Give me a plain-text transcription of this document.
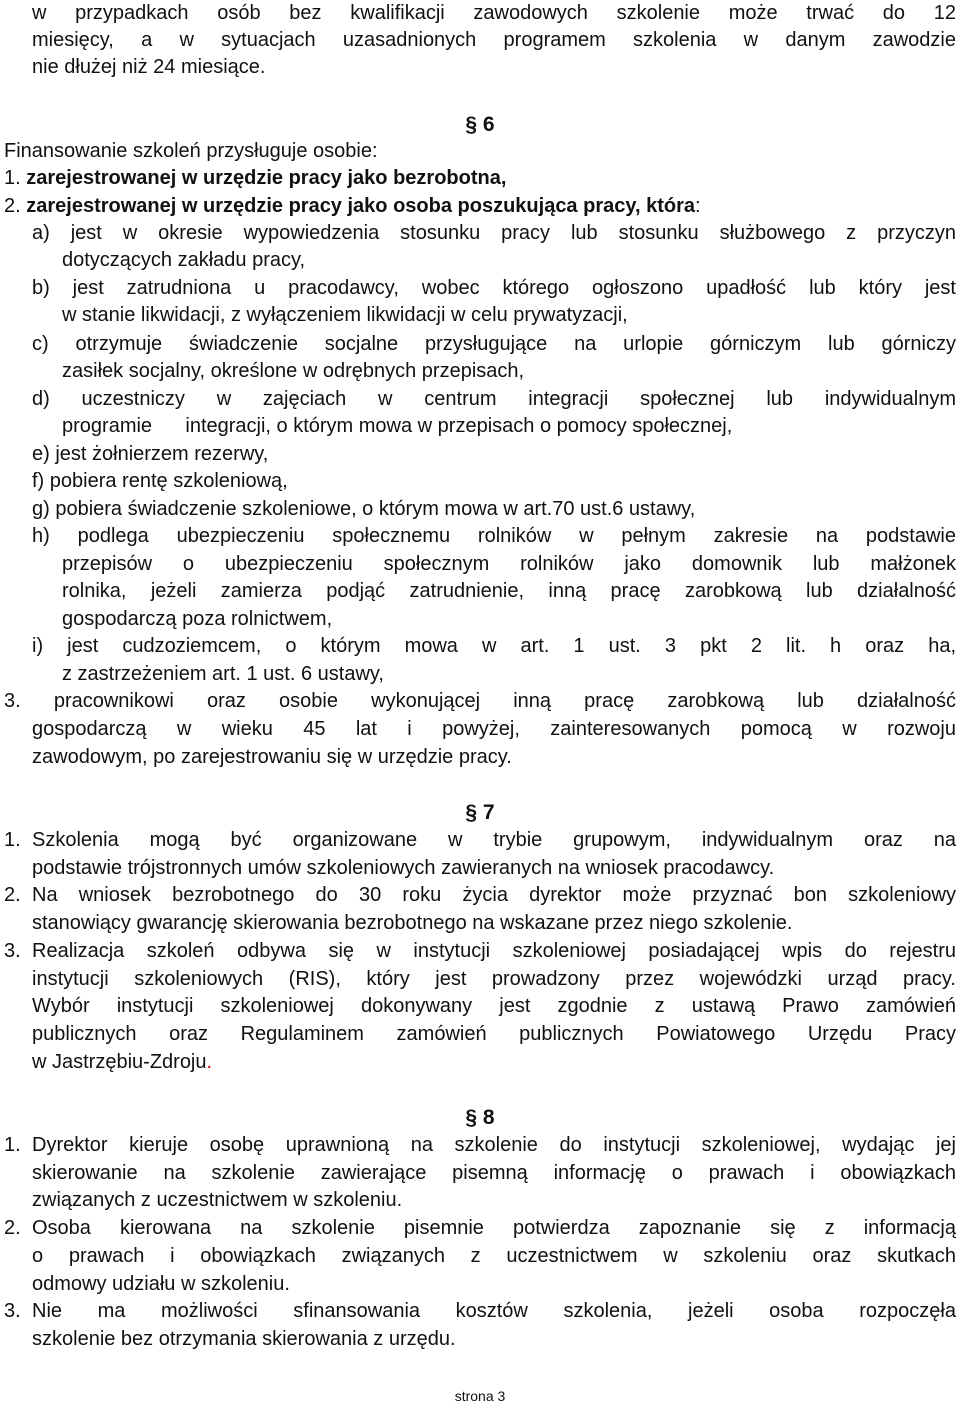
w przypadkach osób bez kwalifikacji zawodowych szkolenie może trwać do 12
miesięcy, a w sytuacjach uzasadnionych programem szkolenia w danym zawodzie
nie dłużej niż 24 miesiące.
§ 6
Finansowanie szkoleń przysługuje osobie:
1. zarejestrowanej w urzędzie pracy jako bezrobotna,
2. zarejestrowanej w urzędzie pracy jako osoba poszukująca pracy, która:
a) jest w okresie wypowiedzenia stosunku pracy lub stosunku służbowego z przyczyn
dotyczących zakładu pracy,
b) jest zatrudniona u pracodawcy, wobec którego ogłoszono upadłość lub który jest
w stanie likwidacji, z wyłączeniem likwidacji w celu prywatyzacji,
c) otrzymuje świadczenie socjalne przysługujące na urlopie górniczym lub górniczy
zasiłek socjalny, określone w odrębnych przepisach,
d) uczestniczy w zajęciach w centrum integracji społecznej lub indywidualnym
programie      integracji, o którym mowa w przepisach o pomocy społecznej,
e) jest żołnierzem rezerwy,
f) pobiera rentę szkoleniową,
g) pobiera świadczenie szkoleniowe, o którym mowa w art.70 ust.6 ustawy,
h) podlega ubezpieczeniu społecznemu rolników w pełnym zakresie na podstawie
przepisów o ubezpieczeniu społecznym rolników jako domownik lub małżonek
rolnika, jeżeli zamierza podjąć zatrudnienie, inną pracę zarobkową lub działalność
gospodarczą poza rolnictwem,
i) jest cudzoziemcem, o którym mowa w art. 1 ust. 3 pkt 2 lit. h oraz ha,
z zastrzeżeniem art. 1 ust. 6 ustawy,
3. pracownikowi oraz osobie wykonującej inną pracę zarobkową lub działalność
gospodarczą w wieku 45 lat i powyżej, zainteresowanych pomocą w rozwoju
zawodowym, po zarejestrowaniu się w urzędzie pracy.
§ 7
1. Szkolenia mogą być organizowane w trybie grupowym, indywidualnym oraz na
podstawie trójstronnych umów szkoleniowych zawieranych na wniosek pracodawcy.
2. Na wniosek bezrobotnego do 30 roku życia dyrektor może przyznać bon szkoleniowy
stanowiący gwarancję skierowania bezrobotnego na wskazane przez niego szkolenie.
3. Realizacja szkoleń odbywa się w instytucji szkoleniowej posiadającej wpis do rejestru
instytucji szkoleniowych (RIS), który jest prowadzony przez wojewódzki urząd pracy.
Wybór instytucji szkoleniowej dokonywany jest zgodnie z ustawą Prawo zamówień
publicznych oraz Regulaminem zamówień publicznych Powiatowego Urzędu Pracy
w Jastrzębiu-Zdroju.
§ 8
1. Dyrektor kieruje osobę uprawnioną na szkolenie do instytucji szkoleniowej, wydając jej
skierowanie na szkolenie zawierające pisemną informację o prawach i obowiązkach
związanych z uczestnictwem w szkoleniu.
2. Osoba kierowana na szkolenie pisemnie potwierdza zapoznanie się z informacją
o prawach i obowiązkach związanych z uczestnictwem w szkoleniu oraz skutkach
odmowy udziału w szkoleniu.
3. Nie ma możliwości sfinansowania kosztów szkolenia, jeżeli osoba rozpoczęła
szkolenie bez otrzymania skierowania z urzędu.
strona 3
